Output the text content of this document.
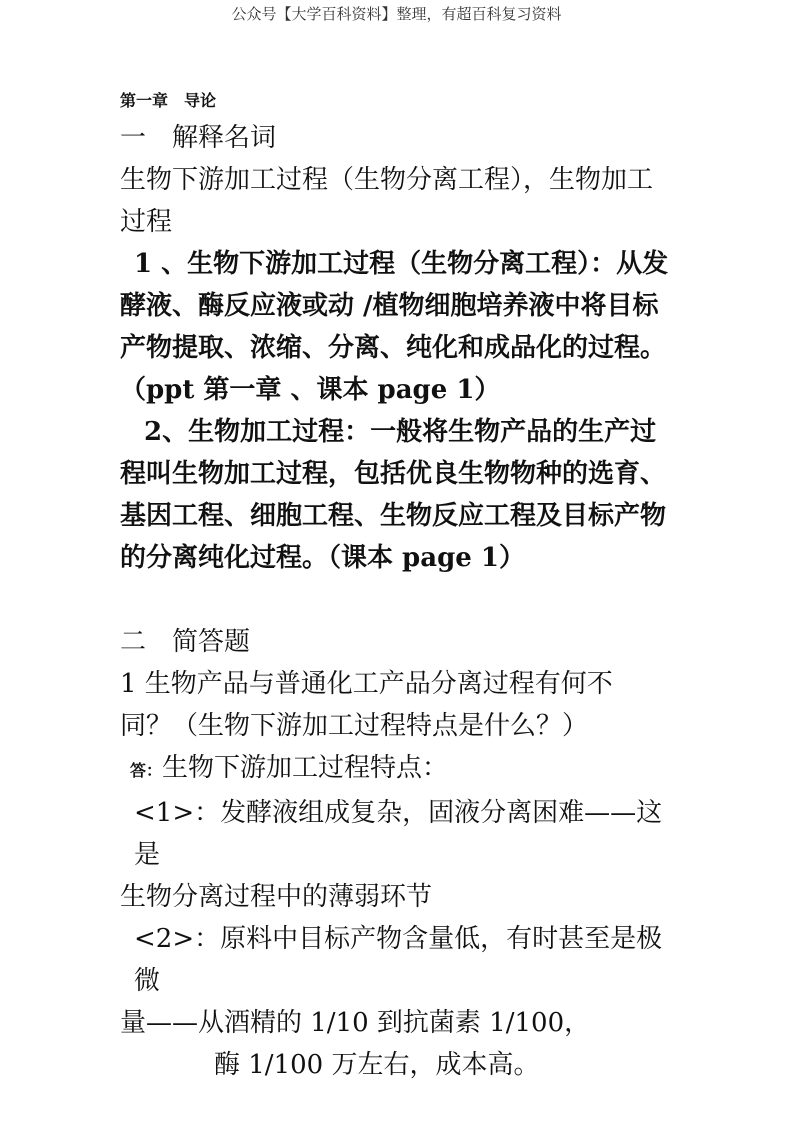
公众号【大学百科资料】整理，有超百科复习资料
第一章　导论
一　解释名词
生物下游加工过程（生物分离工程），生物加工
过程
1 、生物下游加工过程（生物分离工程）：从发
酵液、酶反应液或动 /植物细胞培养液中将目标
产物提取、浓缩、分离、纯化和成品化的过程。
（ppt 第一章 、课本 page 1）
2、生物加工过程：一般将生物产品的生产过
程叫生物加工过程，包括优良生物物种的选育、
基因工程、细胞工程、生物反应工程及目标产物
的分离纯化过程。（课本 page 1）
二　简答题
1 生物产品与普通化工产品分离过程有何不
同？（生物下游加工过程特点是什么？）
答：生物下游加工过程特点：
<1>：发酵液组成复杂，固液分离困难——这是
生物分离过程中的薄弱环节
<2>：原料中目标产物含量低，有时甚至是极微
量——从酒精的 1/10 到抗菌素 1/100，
酶 1/100 万左右，成本高。
